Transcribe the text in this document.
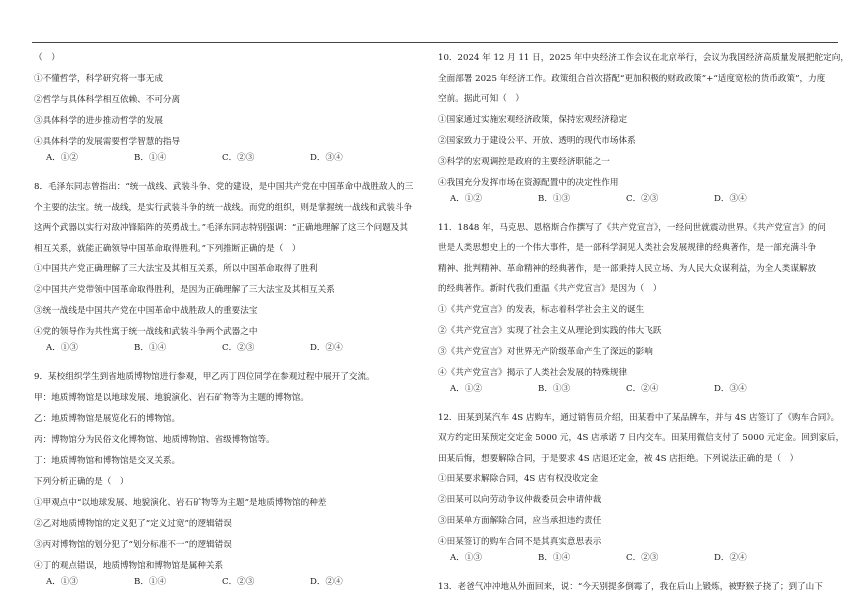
（　）

①不懂哲学，科学研究将一事无成

②哲学与具体科学相互依赖、不可分离

③具体科学的进步推动哲学的发展

④具体科学的发展需要哲学智慧的指导

A．①②	B．①④	C．②③	D．③④

8．毛泽东同志曾指出：“统一战线、武装斗争、党的建设，是中国共产党在中国革命中战胜敌人的三

个主要的法宝。统一战线，是实行武装斗争的统一战线。而党的组织，则是掌握统一战线和武装斗争

这两个武器以实行对敌冲锋陷阵的英勇战士。”毛泽东同志特别强调：“正确地理解了这三个问题及其

相互关系，就能正确领导中国革命取得胜利。”下列推断正确的是（　）

①中国共产党正确理解了三大法宝及其相互关系，所以中国革命取得了胜利

②中国共产党带领中国革命取得胜利，是因为正确理解了三大法宝及其相互关系

③统一战线是中国共产党在中国革命中战胜敌人的重要法宝

④党的领导作为共性寓于统一战线和武装斗争两个武器之中

A．①③	B．①④	C．②③	D．②④

9．某校组织学生到省地质博物馆进行参观，甲乙丙丁四位同学在参观过程中展开了交流。

甲：地质博物馆是以地球发展、地貌演化、岩石矿物等为主题的博物馆。

乙：地质博物馆是展览化石的博物馆。

丙：博物馆分为民俗文化博物馆、地质博物馆、省级博物馆等。

丁：地质博物馆和博物馆是交叉关系。

下列分析正确的是（　）

①甲观点中“以地球发展、地貌演化、岩石矿物等为主题”是地质博物馆的种差

②乙对地质博物馆的定义犯了“定义过宽”的逻辑错误

③丙对博物馆的划分犯了“划分标准不一”的逻辑错误

④丁的观点错误，地质博物馆和博物馆是属种关系

A．①③	B．①④	C．②③	D．②④

10．2024 年 12 月 11 日，2025 年中央经济工作会议在北京举行，会议为我国经济高质量发展把舵定向，

全面部署 2025 年经济工作。政策组合首次搭配“更加积极的财政政策”+“适度宽松的货币政策”，力度

空前。据此可知（　）

①国家通过实施宏观经济政策，保持宏观经济稳定

②国家致力于建设公平、开放、透明的现代市场体系

③科学的宏观调控是政府的主要经济职能之一

④我国充分发挥市场在资源配置中的决定性作用

A．①②	B．①③	C．②③	D．③④

11．1848 年，马克思、恩格斯合作撰写了《共产党宣言》，一经问世就震动世界。《共产党宣言》的问

世是人类思想史上的一个伟大事件，是一部科学洞见人类社会发展规律的经典著作，是一部充满斗争

精神、批判精神、革命精神的经典著作，是一部秉持人民立场、为人民大众谋利益，为全人类谋解放

的经典著作。新时代我们重温《共产党宣言》是因为（　）

①《共产党宣言》的发表，标志着科学社会主义的诞生

②《共产党宣言》实现了社会主义从理论到实践的伟大飞跃

③《共产党宣言》对世界无产阶级革命产生了深远的影响

④《共产党宣言》揭示了人类社会发展的特殊规律

A．①②	B．①③	C．②④	D．③④

12．田某到某汽车 4S 店购车，通过销售员介绍，田某看中了某品牌车，并与 4S 店签订了《购车合同》。

双方约定田某预定交定金 5000 元，4S 店承诺 7 日内交车。田某用微信支付了 5000 元定金。回到家后，

田某后悔，想要解除合同，于是要求 4S 店退还定金，被 4S 店拒绝。下列说法正确的是（　）

①田某要求解除合同，4S 店有权没收定金

②田某可以向劳动争议仲裁委员会申请仲裁

③田某单方面解除合同，应当承担违约责任

④田某签订的购车合同不是其真实意思表示

A．①③	B．①④	C．②③	D．②④

13．老爸气冲冲地从外面回来，说：“今天别提多倒霉了，我在后山上锻炼，被野猴子挠了；到了山下
